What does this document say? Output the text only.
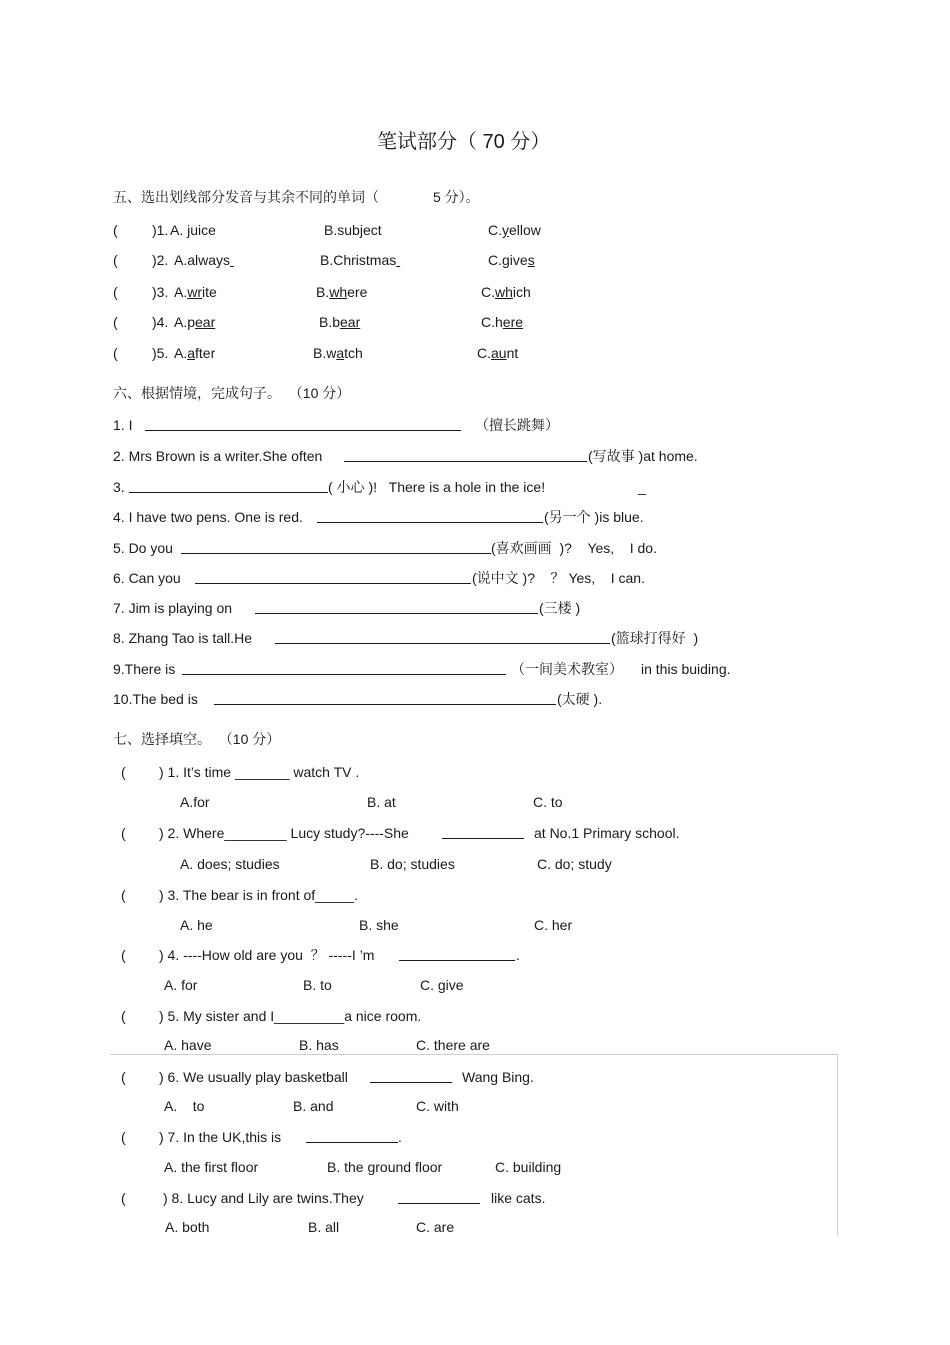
笔试部分（ 70 分）
五、选出划线部分发音与其余不同的单词（	5 分）。
( )1. A. juice	B.subject	C.yellow
( )2. A.always	B.Christmas	C.gives
( )3. A.write	B.where	C.which
( )4. A.pear	B.bear	C.here
( )5. A.after	B.watch	C.aunt
六、根据情境，完成句子。  （10 分）
1. I	（擅长跳舞）
2. Mrs Brown is a writer.She often	(写故事 )at home.
3.	( 小心 )!   There is a hole in the ice!	_
4. I have two pens. One is red.	(另一个 )is blue.
5. Do you	(喜欢画画  )?    Yes,    I do.
6. Can you	(说中文 )?    ？ Yes,    I can.
7. Jim is playing on	(三楼 )
8. Zhang Tao is tall.He	(篮球打得好  )
9.There is	（一间美术教室） in this buiding.
10.The bed is	(太硬 ).
七、选择填空。  （10 分）
( ) 1. It’s time _______ watch TV .
A.for	B. at	C. to
( ) 2. Where________ Lucy study?----She	at No.1 Primary school.
A. does; studies	B. do; studies	C. do; study
( ) 3. The bear is in front of_____.
A. he	B. she	C. her
( ) 4. ----How old are you  ？ -----I ’m	.
A. for	B. to	C. give
( ) 5. My sister and I_________a nice room.
A. have	B. has	C. there are
( ) 6. We usually play basketball	Wang Bing.
A.    to	B. and	C. with
( ) 7. In the UK,this is	.
A. the first floor	B. the ground floor	C. building
(	) 8. Lucy and Lily are twins.They	like cats.
A. both	B. all	C. are
